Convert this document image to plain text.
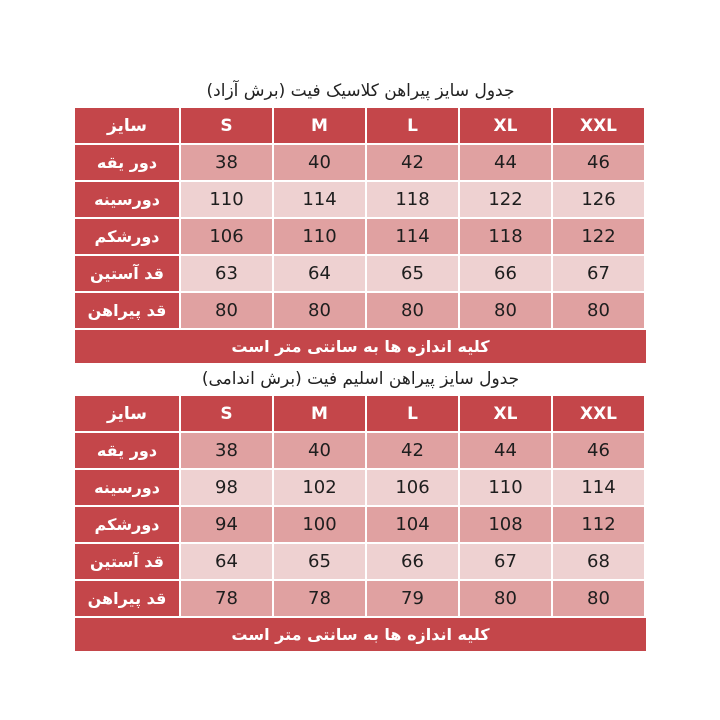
جدول سایز پیراهن کلاسیک فیت (برش آزاد)
سایز	S	M	L	XL	XXL
دور یقه	38	40	42	44	46
دورسینه	110	114	118	122	126
دورشکم	106	110	114	118	122
قد آستین	63	64	65	66	67
قد پیراهن	80	80	80	80	80
کلیه اندازه ها به سانتی متر است
جدول سایز پیراهن اسلیم فیت (برش اندامی)
سایز	S	M	L	XL	XXL
دور یقه	38	40	42	44	46
دورسینه	98	102	106	110	114
دورشکم	94	100	104	108	112
قد آستین	64	65	66	67	68
قد پیراهن	78	78	79	80	80
کلیه اندازه ها به سانتی متر است
